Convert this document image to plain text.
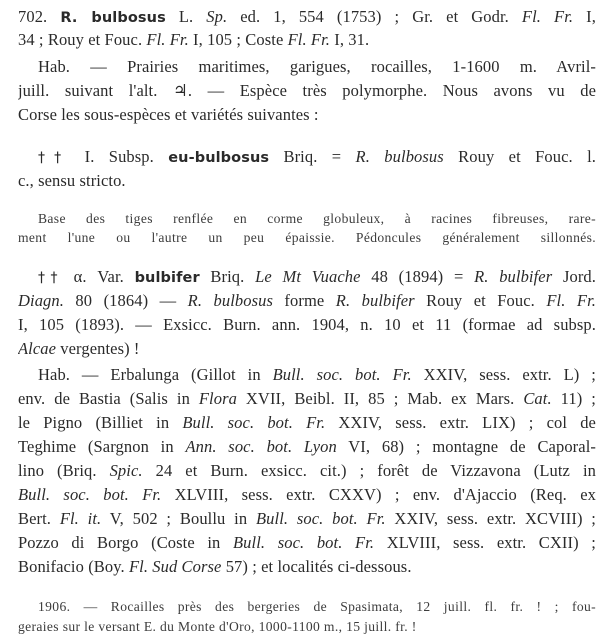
702. R. bulbosus L. Sp. ed. 1, 554 (1753) ; Gr. et Godr. Fl. Fr. I,
34 ; Rouy et Fouc. Fl. Fr. I, 105 ; Coste Fl. Fr. I, 31.
Hab. — Prairies maritimes, garigues, rocailles, 1-1600 m. Avril-
juill. suivant l'alt. ♃. — Espèce très polymorphe. Nous avons vu de
Corse les sous-espèces et variétés suivantes :
†† I. Subsp. eu-bulbosus Briq. = R. bulbosus Rouy et Fouc. l.
c., sensu stricto.
Base des tiges renflée en corme globuleux, à racines fibreuses, rare-
ment l'une ou l'autre un peu épaissie. Pédoncules généralement sillonnés.
†† α. Var. bulbifer Briq. Le Mt Vuache 48 (1894) = R. bulbifer Jord.
Diagn. 80 (1864) — R. bulbosus forme R. bulbifer Rouy et Fouc. Fl. Fr.
I, 105 (1893). — Exsicc. Burn. ann. 1904, n. 10 et 11 (formae ad subsp.
Alcae vergentes) !
Hab. — Erbalunga (Gillot in Bull. soc. bot. Fr. XXIV, sess. extr. L) ;
env. de Bastia (Salis in Flora XVII, Beibl. II, 85 ; Mab. ex Mars. Cat. 11) ;
le Pigno (Billiet in Bull. soc. bot. Fr. XXIV, sess. extr. LIX) ; col de
Teghime (Sargnon in Ann. soc. bot. Lyon VI, 68) ; montagne de Caporal-
lino (Briq. Spic. 24 et Burn. exsicc. cit.) ; forêt de Vizzavona (Lutz in
Bull. soc. bot. Fr. XLVIII, sess. extr. CXXV) ; env. d'Ajaccio (Req. ex
Bert. Fl. it. V, 502 ; Boullu in Bull. soc. bot. Fr. XXIV, sess. extr. XCVIII) ;
Pozzo di Borgo (Coste in Bull. soc. bot. Fr. XLVIII, sess. extr. CXII) ;
Bonifacio (Boy. Fl. Sud Corse 57) ; et localités ci-dessous.
1906. — Rocailles près des bergeries de Spasimata, 12 juill. fl. fr. ! ; fou-
geraies sur le versant E. du Monte d'Oro, 1000-1100 m., 15 juill. fr. !
